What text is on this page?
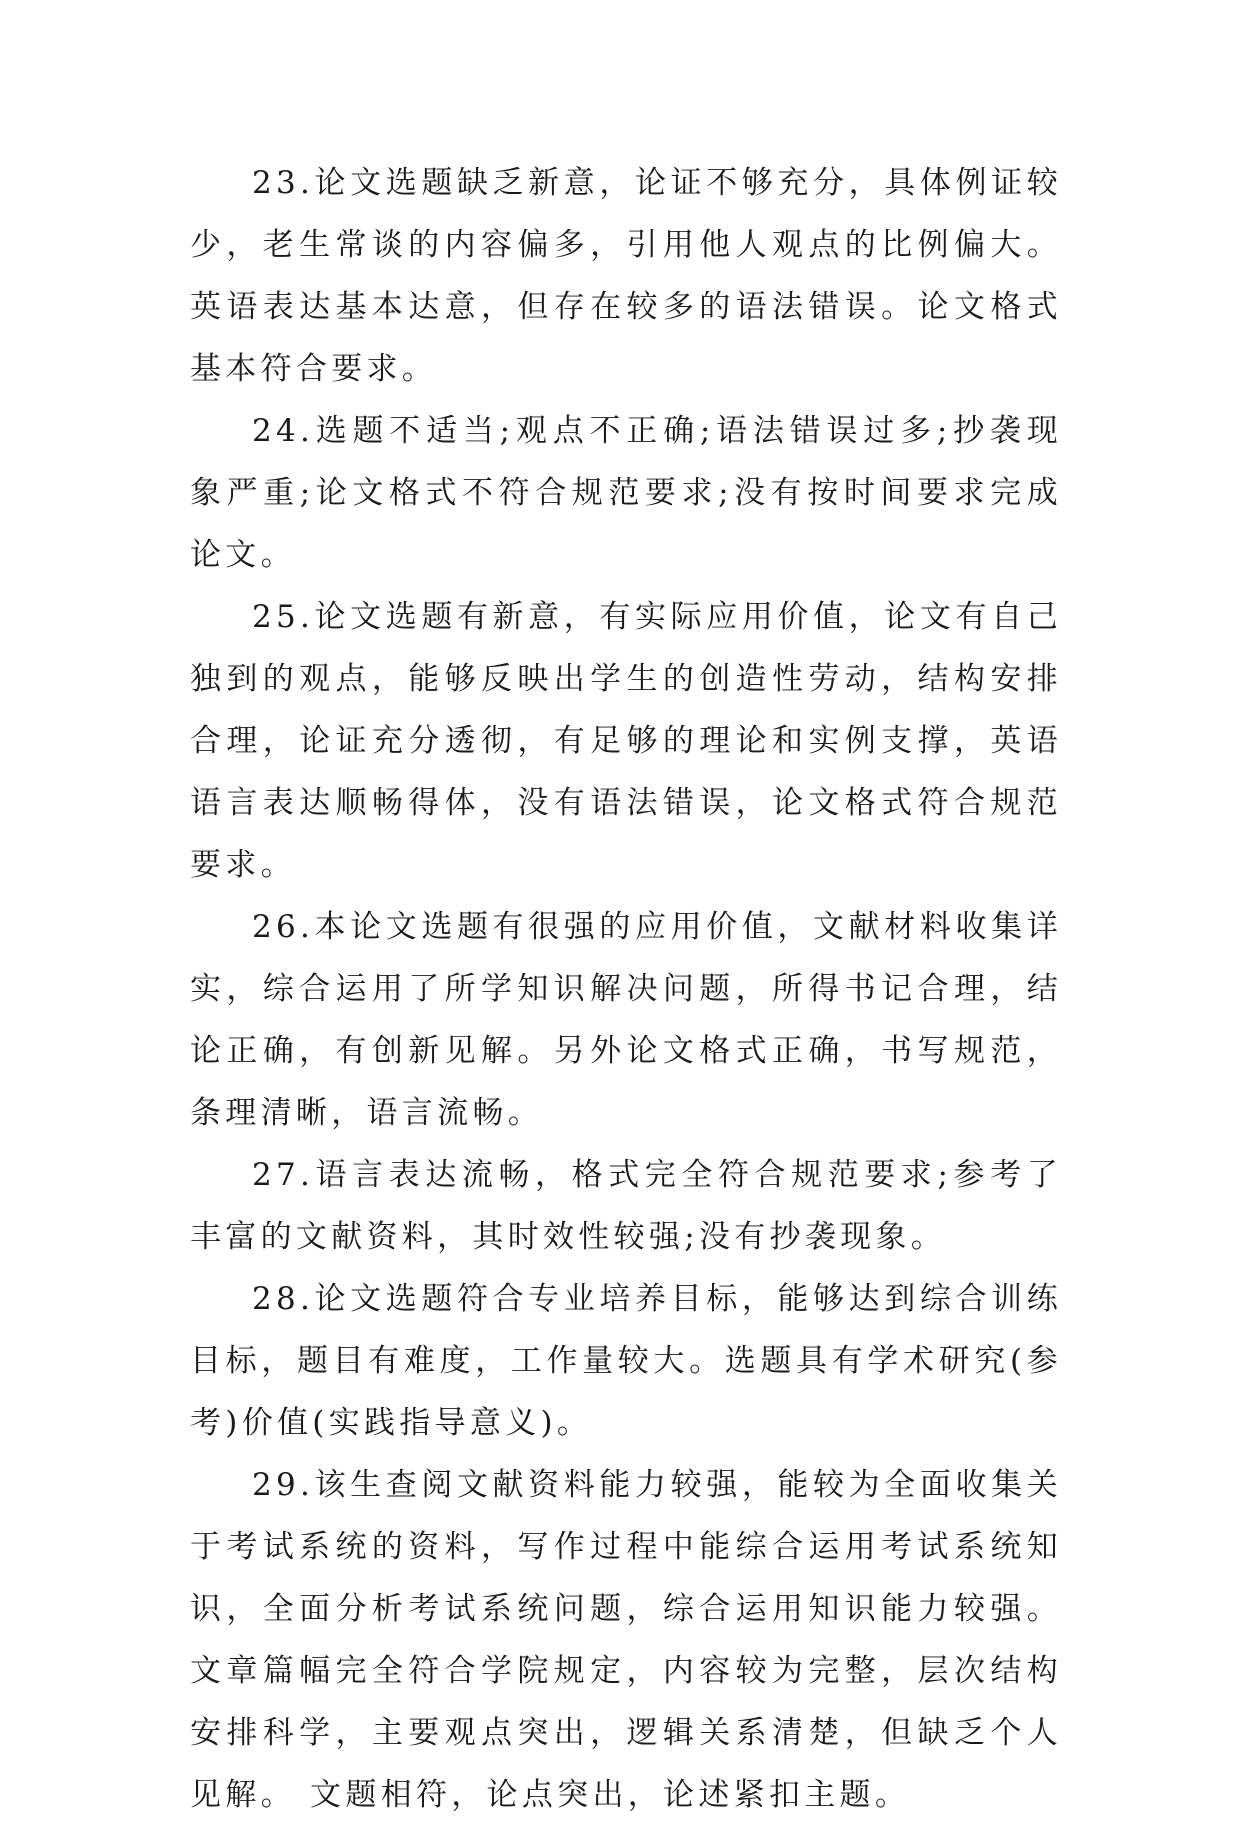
23.论文选题缺乏新意，论证不够充分，具体例证较少，老生常谈的内容偏多，引用他人观点的比例偏大。英语表达基本达意，但存在较多的语法错误。论文格式基本符合要求。

24.选题不适当;观点不正确;语法错误过多;抄袭现象严重;论文格式不符合规范要求;没有按时间要求完成论文。

25.论文选题有新意，有实际应用价值，论文有自己独到的观点，能够反映出学生的创造性劳动，结构安排合理，论证充分透彻，有足够的理论和实例支撑，英语语言表达顺畅得体，没有语法错误，论文格式符合规范要求。

26.本论文选题有很强的应用价值，文献材料收集详实，综合运用了所学知识解决问题，所得书记合理，结论正确，有创新见解。另外论文格式正确，书写规范，条理清晰，语言流畅。

27.语言表达流畅，格式完全符合规范要求;参考了丰富的文献资料，其时效性较强;没有抄袭现象。

28.论文选题符合专业培养目标，能够达到综合训练目标，题目有难度，工作量较大。选题具有学术研究(参考)价值(实践指导意义)。

29.该生查阅文献资料能力较强，能较为全面收集关于考试系统的资料，写作过程中能综合运用考试系统知识，全面分析考试系统问题，综合运用知识能力较强。 文章篇幅完全符合学院规定，内容较为完整，层次结构安排科学，主要观点突出，逻辑关系清楚，但缺乏个人见解。 文题相符，论点突出，论述紧扣主题。
